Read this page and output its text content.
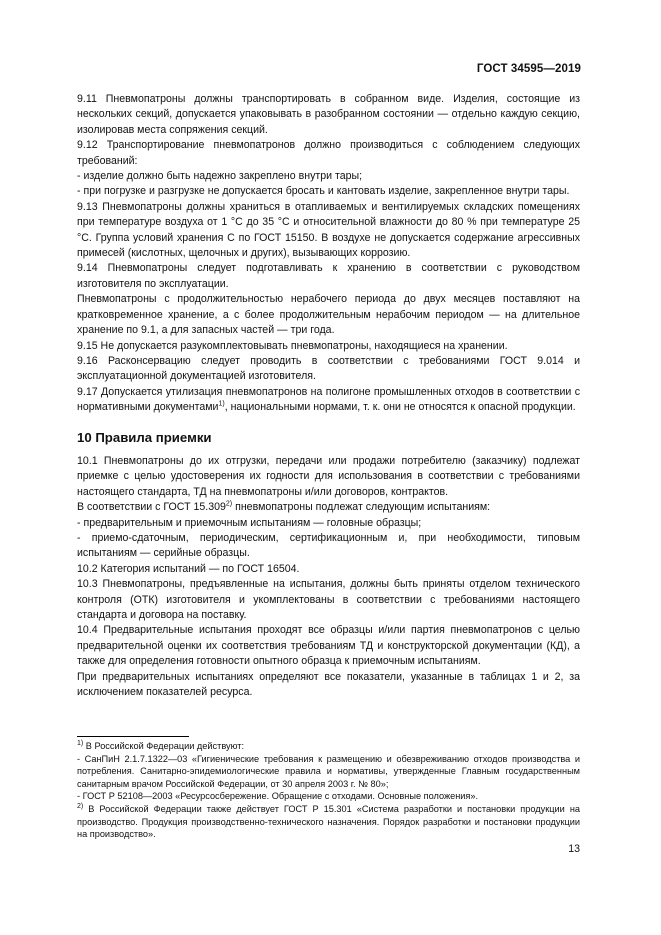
ГОСТ 34595—2019

9.11 Пневмопатроны должны транспортировать в собранном виде. Изделия, состоящие из нескольких секций, допускается упаковывать в разобранном состоянии — отдельно каждую секцию, изолировав места сопряжения секций.

9.12 Транспортирование пневмопатронов должно производиться с соблюдением следующих требований:

- изделие должно быть надежно закреплено внутри тары;

- при погрузке и разгрузке не допускается бросать и кантовать изделие, закрепленное внутри тары.

9.13 Пневмопатроны должны храниться в отапливаемых и вентилируемых складских помещениях при температуре воздуха от 1 °С до 35 °С и относительной влажности до 80 % при температуре 25 °С. Группа условий хранения С по ГОСТ 15150. В воздухе не допускается содержание агрессивных примесей (кислотных, щелочных и других), вызывающих коррозию.

9.14 Пневмопатроны следует подготавливать к хранению в соответствии с руководством изготовителя по эксплуатации.

Пневмопатроны с продолжительностью нерабочего периода до двух месяцев поставляют на кратковременное хранение, а с более продолжительным нерабочим периодом — на длительное хранение по 9.1, а для запасных частей — три года.

9.15 Не допускается разукомплектовывать пневмопатроны, находящиеся на хранении.

9.16 Расконсервацию следует проводить в соответствии с требованиями ГОСТ 9.014 и эксплуатационной документацией изготовителя.

9.17 Допускается утилизация пневмопатронов на полигоне промышленных отходов в соответствии с нормативными документами$^{1)}$, национальными нормами, т. к. они не относятся к опасной продукции.

10 Правила приемки

10.1 Пневмопатроны до их отгрузки, передачи или продажи потребителю (заказчику) подлежат приемке с целью удостоверения их годности для использования в соответствии с требованиями настоящего стандарта, ТД на пневмопатроны и/или договоров, контрактов.

В соответствии с ГОСТ 15.309$^{2)}$ пневмопатроны подлежат следующим испытаниям:

- предварительным и приемочным испытаниям — головные образцы;

- приемо-сдаточным, периодическим, сертификационным и, при необходимости, типовым испытаниям — серийные образцы.

10.2 Категория испытаний — по ГОСТ 16504.

10.3 Пневмопатроны, предъявленные на испытания, должны быть приняты отделом технического контроля (ОТК) изготовителя и укомплектованы в соответствии с требованиями настоящего стандарта и договора на поставку.

10.4 Предварительные испытания проходят все образцы и/или партия пневмопатронов с целью предварительной оценки их соответствия требованиям ТД и конструкторской документации (КД), а также для определения готовности опытного образца к приемочным испытаниям.

При предварительных испытаниях определяют все показатели, указанные в таблицах 1 и 2, за исключением показателей ресурса.

$^{1)}$ В Российской Федерации действуют:

- СанПиН 2.1.7.1322—03 «Гигиенические требования к размещению и обезвреживанию отходов производства и потребления. Санитарно-эпидемиологические правила и нормативы, утвержденные Главным государственным санитарным врачом Российской Федерации, от 30 апреля 2003 г. № 80»;

- ГОСТ Р 52108—2003 «Ресурсосбережение. Обращение с отходами. Основные положения».

$^{2)}$ В Российской Федерации также действует ГОСТ Р 15.301 «Система разработки и постановки продукции на производство. Продукция производственно-технического назначения. Порядок разработки и постановки продукции на производство».

13
